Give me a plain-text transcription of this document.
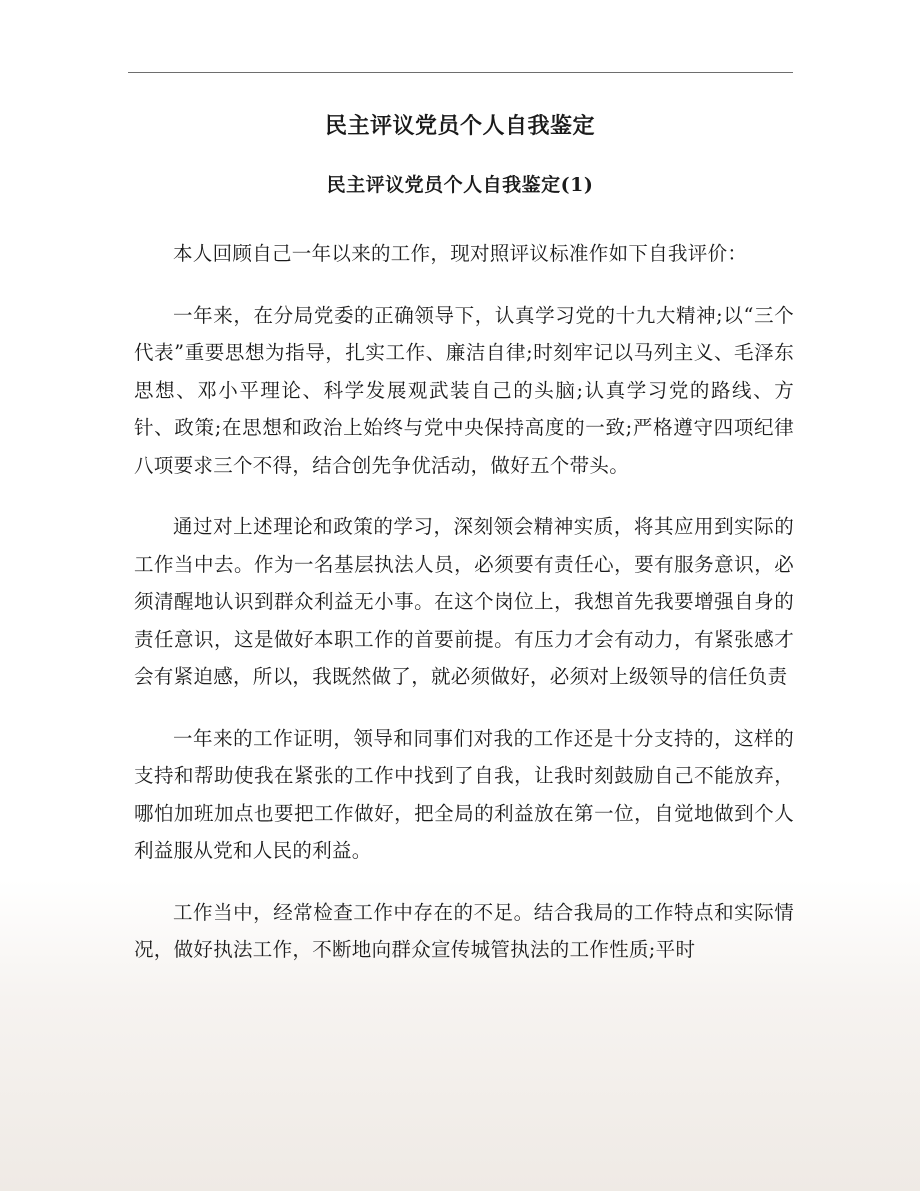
民主评议党员个人自我鉴定
民主评议党员个人自我鉴定(1)

本人回顾自己一年以来的工作，现对照评议标准作如下自我评价：

一年来，在分局党委的正确领导下，认真学习党的十九大精神;以“三个代表”重要思想为指导，扎实工作、廉洁自律;时刻牢记以马列主义、毛泽东思想、邓小平理论、科学发展观武装自己的头脑;认真学习党的路线、方针、政策;在思想和政治上始终与党中央保持高度的一致;严格遵守四项纪律八项要求三个不得，结合创先争优活动，做好五个带头。

通过对上述理论和政策的学习，深刻领会精神实质，将其应用到实际的工作当中去。作为一名基层执法人员，必须要有责任心，要有服务意识，必须清醒地认识到群众利益无小事。在这个岗位上，我想首先我要增强自身的责任意识，这是做好本职工作的首要前提。有压力才会有动力，有紧张感才会有紧迫感，所以，我既然做了，就必须做好，必须对上级领导的信任负责

一年来的工作证明，领导和同事们对我的工作还是十分支持的，这样的支持和帮助使我在紧张的工作中找到了自我，让我时刻鼓励自己不能放弃，哪怕加班加点也要把工作做好，把全局的利益放在第一位，自觉地做到个人利益服从党和人民的利益。

工作当中，经常检查工作中存在的不足。结合我局的工作特点和实际情况，做好执法工作，不断地向群众宣传城管执法的工作性质;平时
